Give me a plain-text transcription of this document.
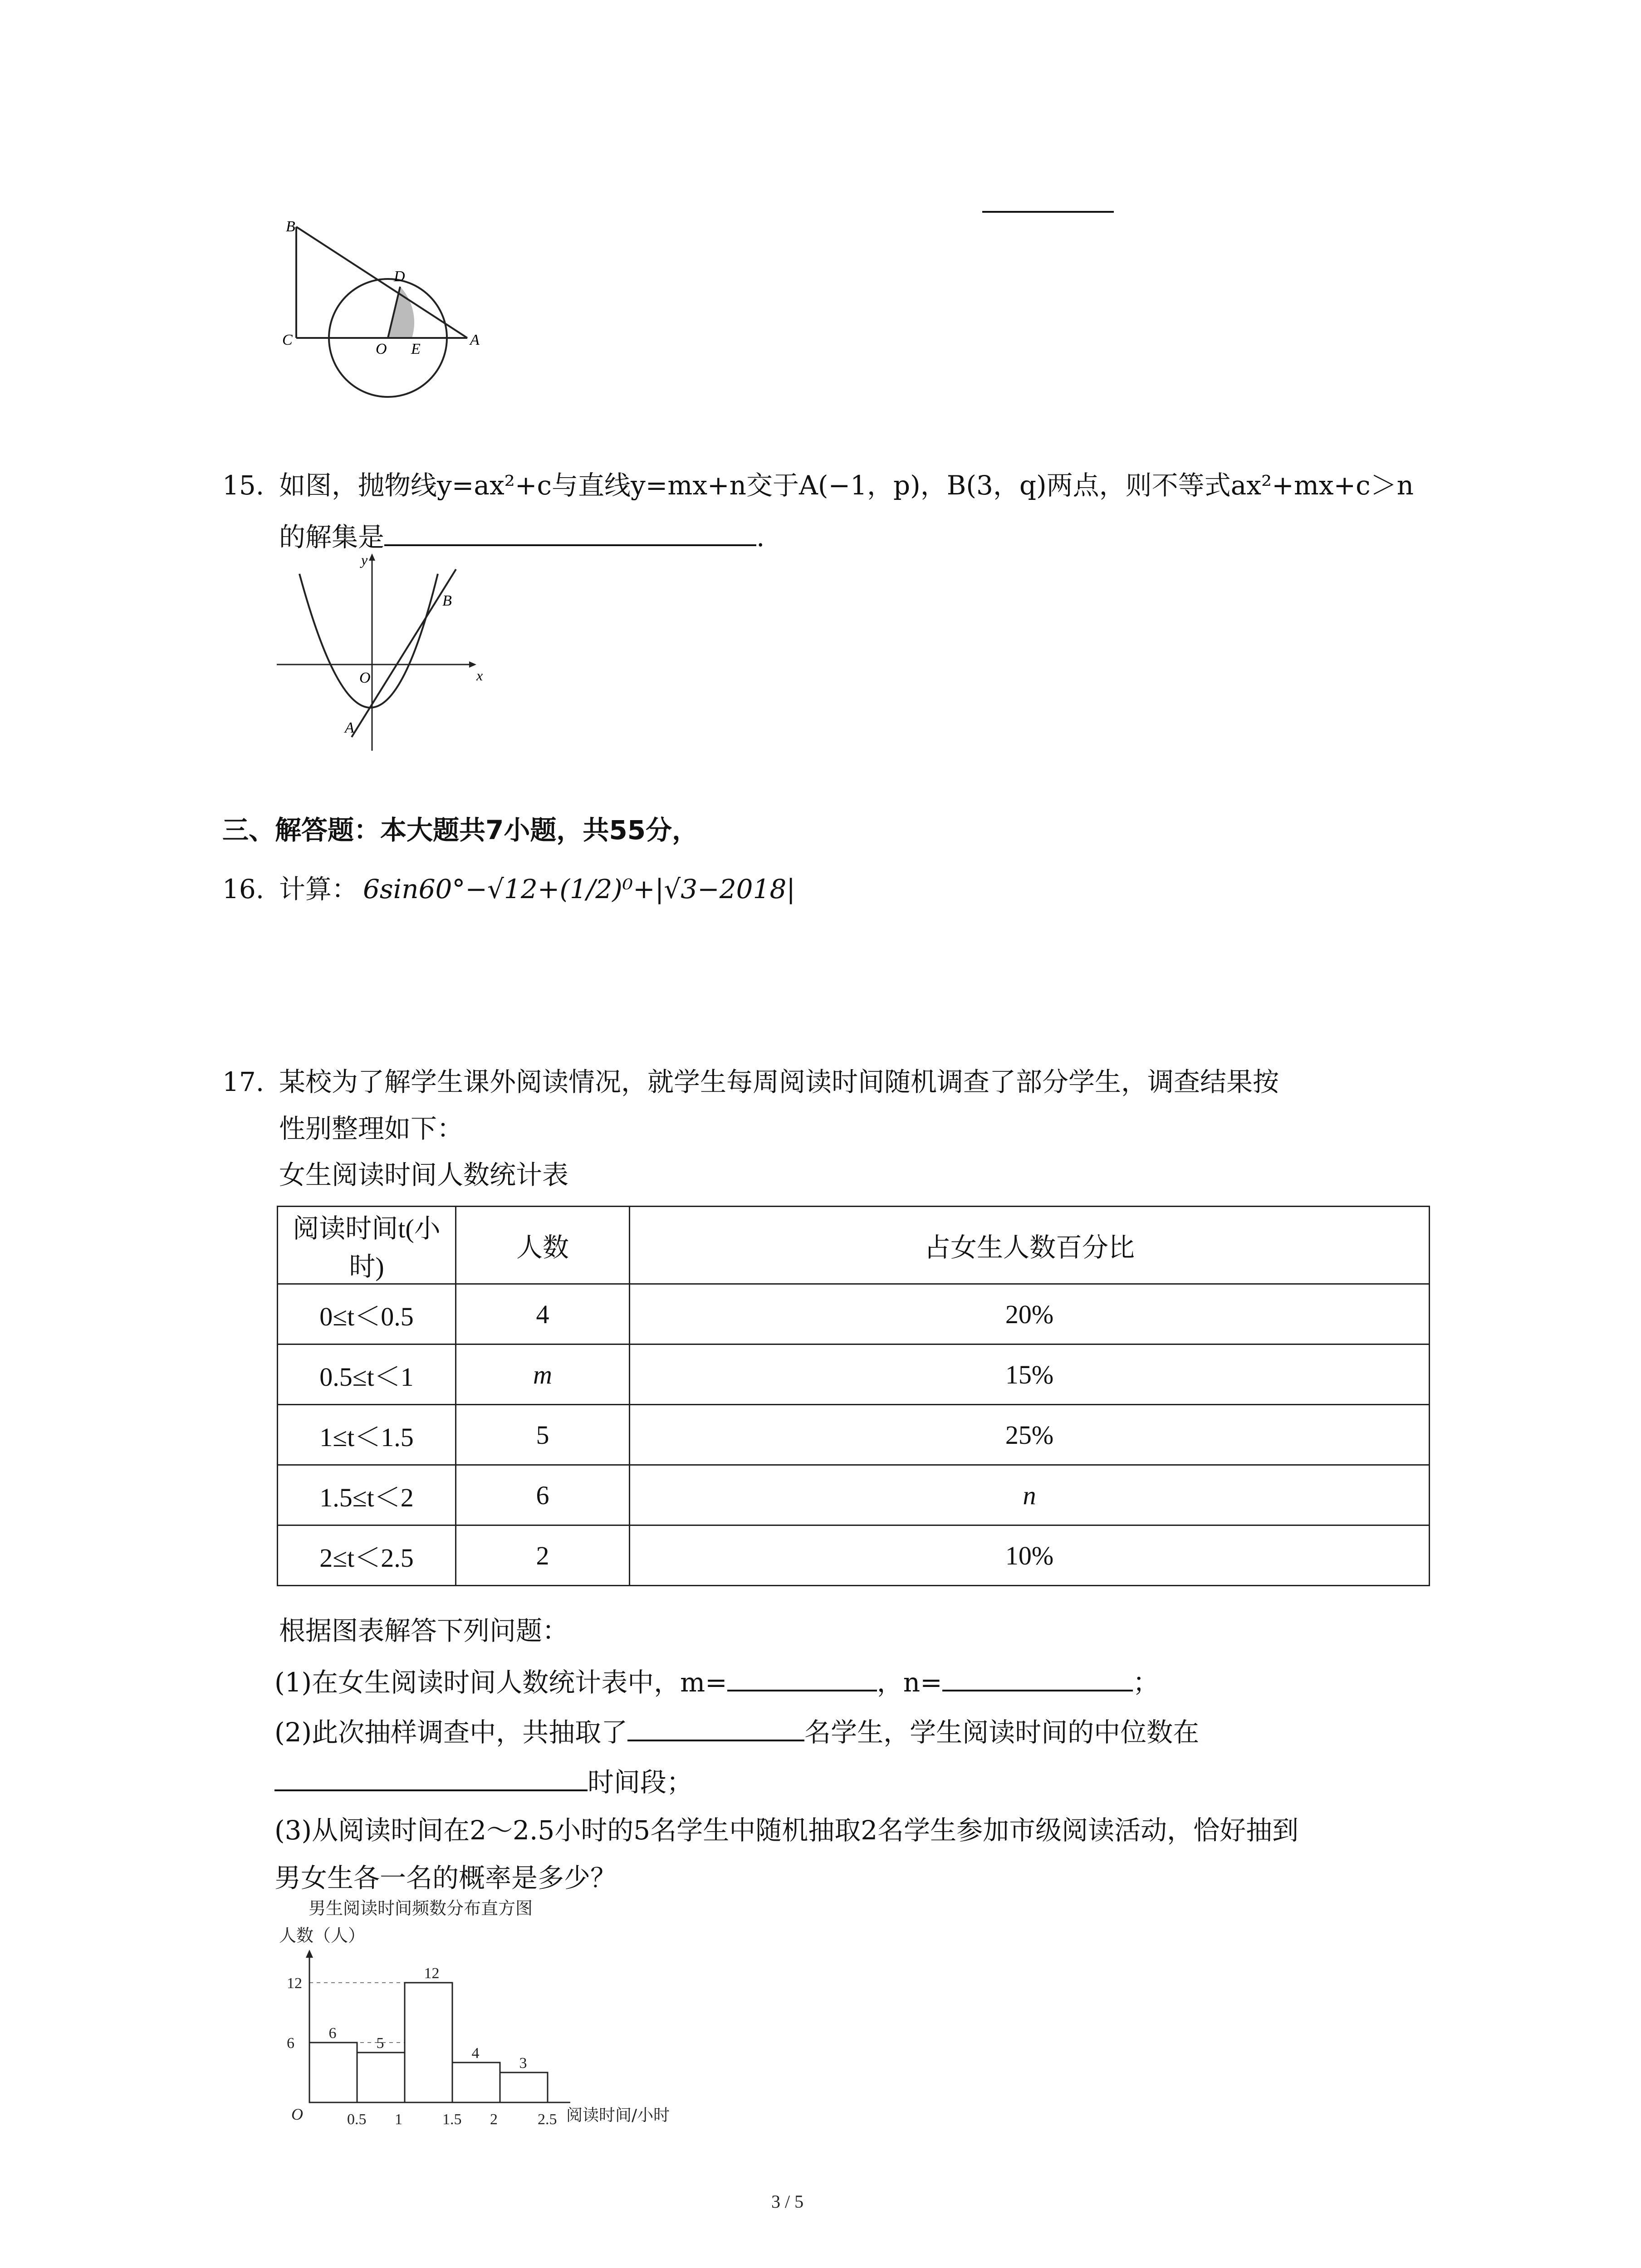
B
D
C
O E
A
15. 如图，抛物线y=ax²+c与直线y=mx+n交于A(−1，p)，B(3，q)两点，则不等式ax²+mx+c＞n
的解集是	.
y
x
O
A
B
三、解答题：本大题共7小题，共55分，
16. 计算： 6sin60°−√12+(1/2)⁰+|√3−2018|
17. 某校为了解学生课外阅读情况，就学生每周阅读时间随机调查了部分学生，调查结果按
性别整理如下：
女生阅读时间人数统计表
阅读时间t(小时)	人数	占女生人数百分比
0≤t＜0.5	4	20%
0.5≤t＜1	m	15%
1≤t＜1.5	5	25%
1.5≤t＜2	6	n
2≤t＜2.5	2	10%
根据图表解答下列问题：
(1)在女生阅读时间人数统计表中，m=	，n=	；
(2)此次抽样调查中，共抽取了	名学生，学生阅读时间的中位数在
时间段；
(3)从阅读时间在2～2.5小时的5名学生中随机抽取2名学生参加市级阅读活动，恰好抽到
男女生各一名的概率是多少？
男生阅读时间频数分布直方图
人数（人）
阅读时间/小时
O
6
5
12
4
3
0.5 1	1.5 2	2.5
6
12
3 / 5
